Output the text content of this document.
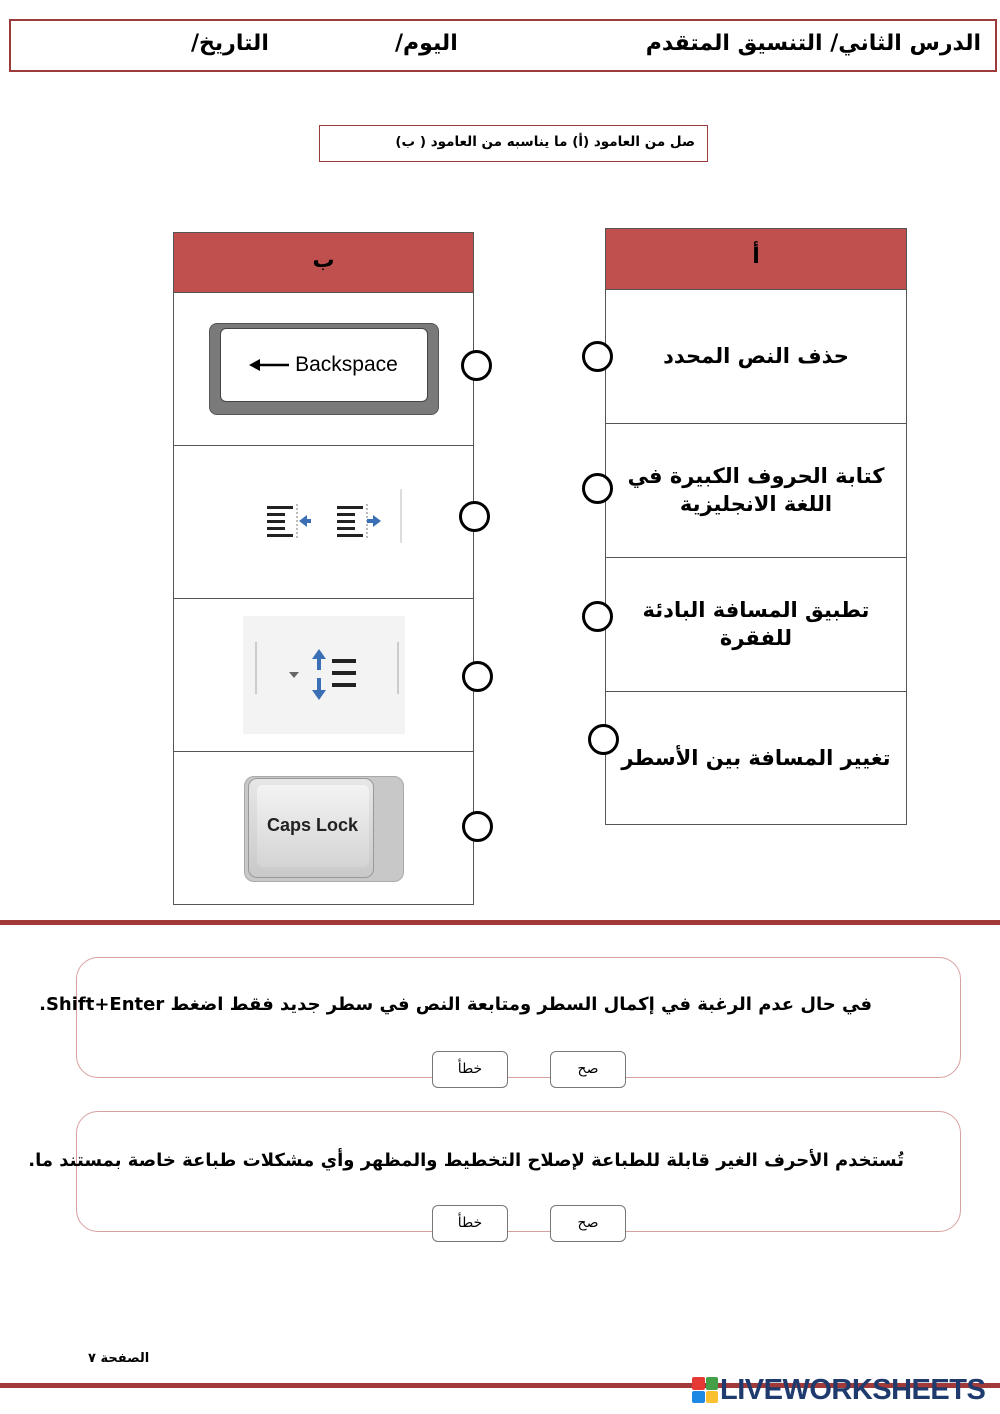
الدرس الثاني/ التنسيق المتقدم
اليوم/
التاريخ/
صل من العامود (أ) ما يناسبه من العامود ( ب)
أ
حذف النص المحدد
كتابة الحروف الكبيرة في اللغة الانجليزية
تطبيق المسافة البادئة للفقرة
تغيير المسافة بين الأسطر
ب
Backspace
Caps Lock
في حال عدم الرغبة في إكمال السطر ومتابعة النص في سطر جديد فقط اضغط Shift+Enter.
صح
خطأ
تُستخدم الأحرف الغير قابلة للطباعة لإصلاح التخطيط والمظهر وأي مشكلات طباعة خاصة بمستند ما.
صح
خطأ
الصفحة ٧
LIVEWORKSHEETS
